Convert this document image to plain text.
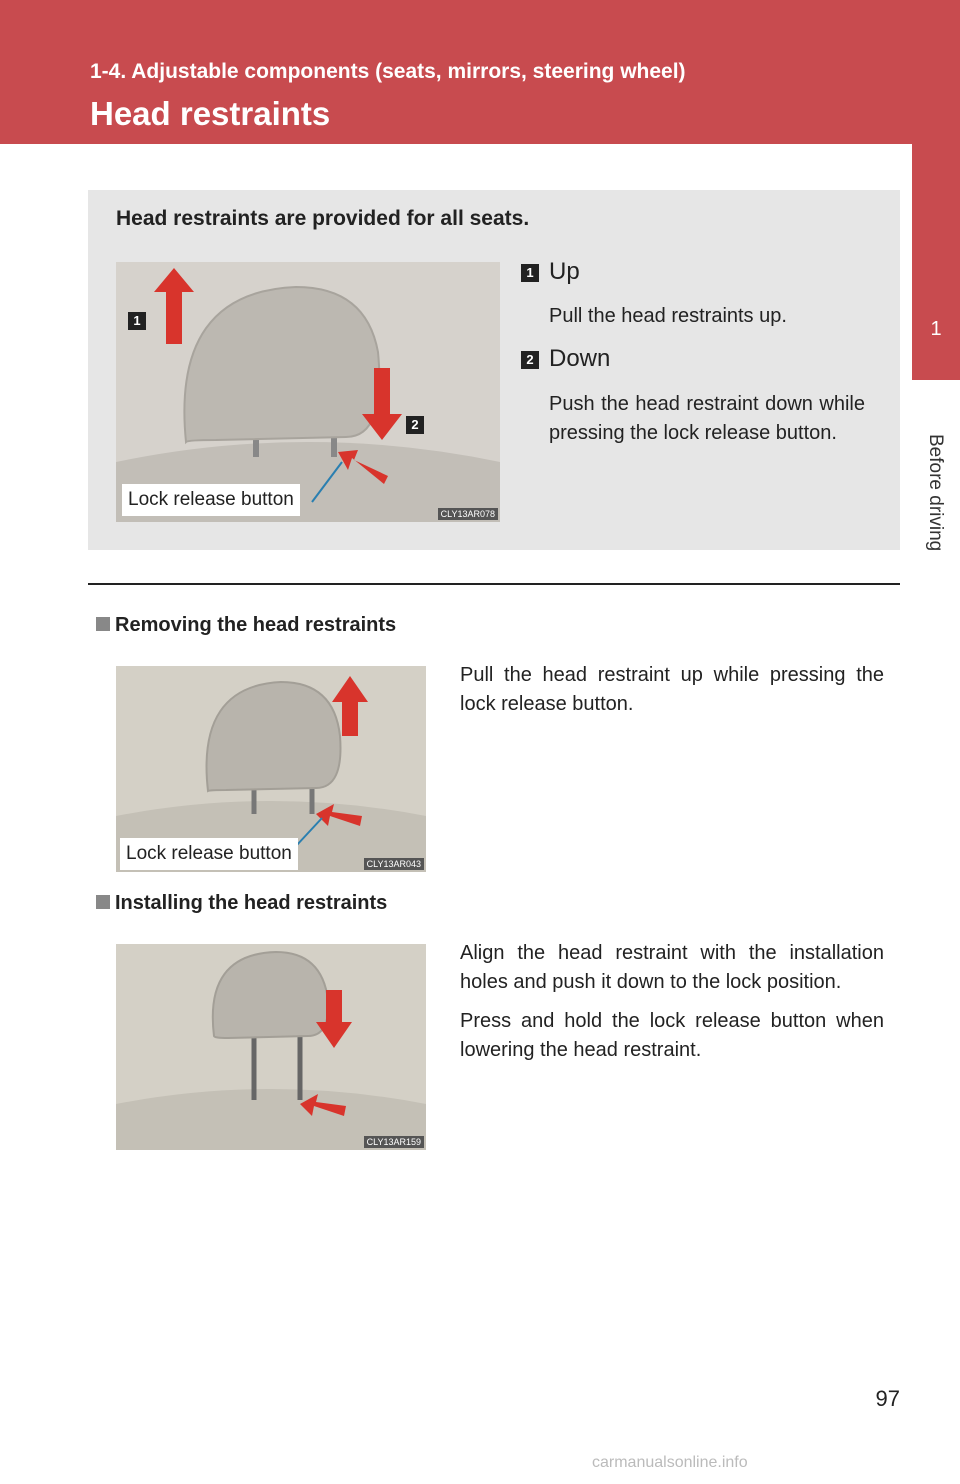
1-4. Adjustable components (seats, mirrors, steering wheel)
Head restraints
1
Before driving
Head restraints are provided for all seats.
1
2
Lock release button
CLY13AR078
1 Up
Pull the head restraints up.
2 Down
Push the head restraint down while pressing the lock release button.
Removing the head restraints
Lock release button	CLY13AR043
Pull the head restraint up while pressing the lock release button.
Installing the head restraints
CLY13AR159
Align the head restraint with the installation holes and push it down to the lock position.
Press and hold the lock release button when lowering the head restraint.
97
carmanualsonline.info
